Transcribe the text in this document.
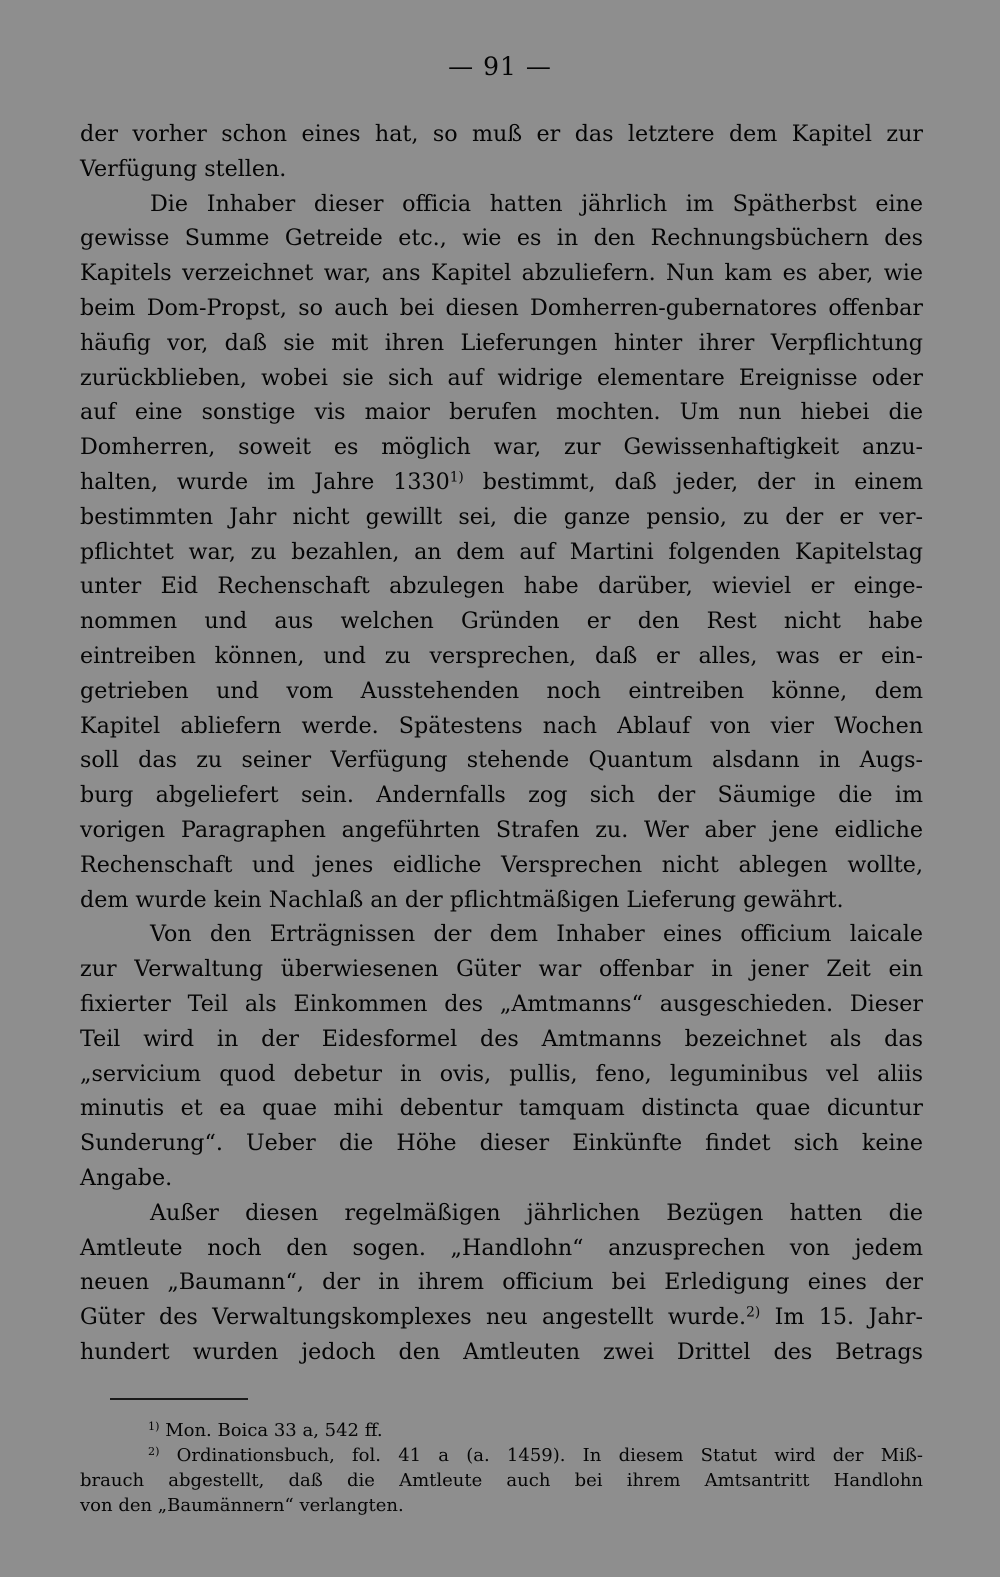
— 91 —
der vorher schon eines hat, so muß er das letztere dem Kapitel zur
Verfügung stellen.
Die Inhaber dieser officia hatten jährlich im Spätherbst eine
gewisse Summe Getreide etc., wie es in den Rechnungsbüchern des
Kapitels verzeichnet war, ans Kapitel abzuliefern. Nun kam es aber, wie
beim Dom-Propst, so auch bei diesen Domherren-gubernatores offenbar
häufig vor, daß sie mit ihren Lieferungen hinter ihrer Verpflichtung
zurückblieben, wobei sie sich auf widrige elementare Ereignisse oder
auf eine sonstige vis maior berufen mochten. Um nun hiebei die
Domherren, soweit es möglich war, zur Gewissenhaftigkeit anzu-
halten, wurde im Jahre 1330$^{1)}$ bestimmt, daß jeder, der in einem
bestimmten Jahr nicht gewillt sei, die ganze pensio, zu der er ver-
pflichtet war, zu bezahlen, an dem auf Martini folgenden Kapitelstag
unter Eid Rechenschaft abzulegen habe darüber, wieviel er einge-
nommen und aus welchen Gründen er den Rest nicht habe
eintreiben können, und zu versprechen, daß er alles, was er ein-
getrieben und vom Ausstehenden noch eintreiben könne, dem
Kapitel abliefern werde. Spätestens nach Ablauf von vier Wochen
soll das zu seiner Verfügung stehende Quantum alsdann in Augs-
burg abgeliefert sein. Andernfalls zog sich der Säumige die im
vorigen Paragraphen angeführten Strafen zu. Wer aber jene eidliche
Rechenschaft und jenes eidliche Versprechen nicht ablegen wollte,
dem wurde kein Nachlaß an der pflichtmäßigen Lieferung gewährt.
Von den Erträgnissen der dem Inhaber eines officium laicale
zur Verwaltung überwiesenen Güter war offenbar in jener Zeit ein
fixierter Teil als Einkommen des „Amtmanns“ ausgeschieden. Dieser
Teil wird in der Eidesformel des Amtmanns bezeichnet als das
„servicium quod debetur in ovis, pullis, feno, leguminibus vel aliis
minutis et ea quae mihi debentur tamquam distincta quae dicuntur
Sunderung“. Ueber die Höhe dieser Einkünfte findet sich keine
Angabe.
Außer diesen regelmäßigen jährlichen Bezügen hatten die
Amtleute noch den sogen. „Handlohn“ anzusprechen von jedem
neuen „Baumann“, der in ihrem officium bei Erledigung eines der
Güter des Verwaltungskomplexes neu angestellt wurde.$^{2)}$ Im 15. Jahr-
hundert wurden jedoch den Amtleuten zwei Drittel des Betrags
$^{1)}$ Mon. Boica 33 a, 542 ff.
$^{2)}$ Ordinationsbuch, fol. 41 a (a. 1459). In diesem Statut wird der Miß-
brauch abgestellt, daß die Amtleute auch bei ihrem Amtsantritt Handlohn
von den „Baumännern“ verlangten.
